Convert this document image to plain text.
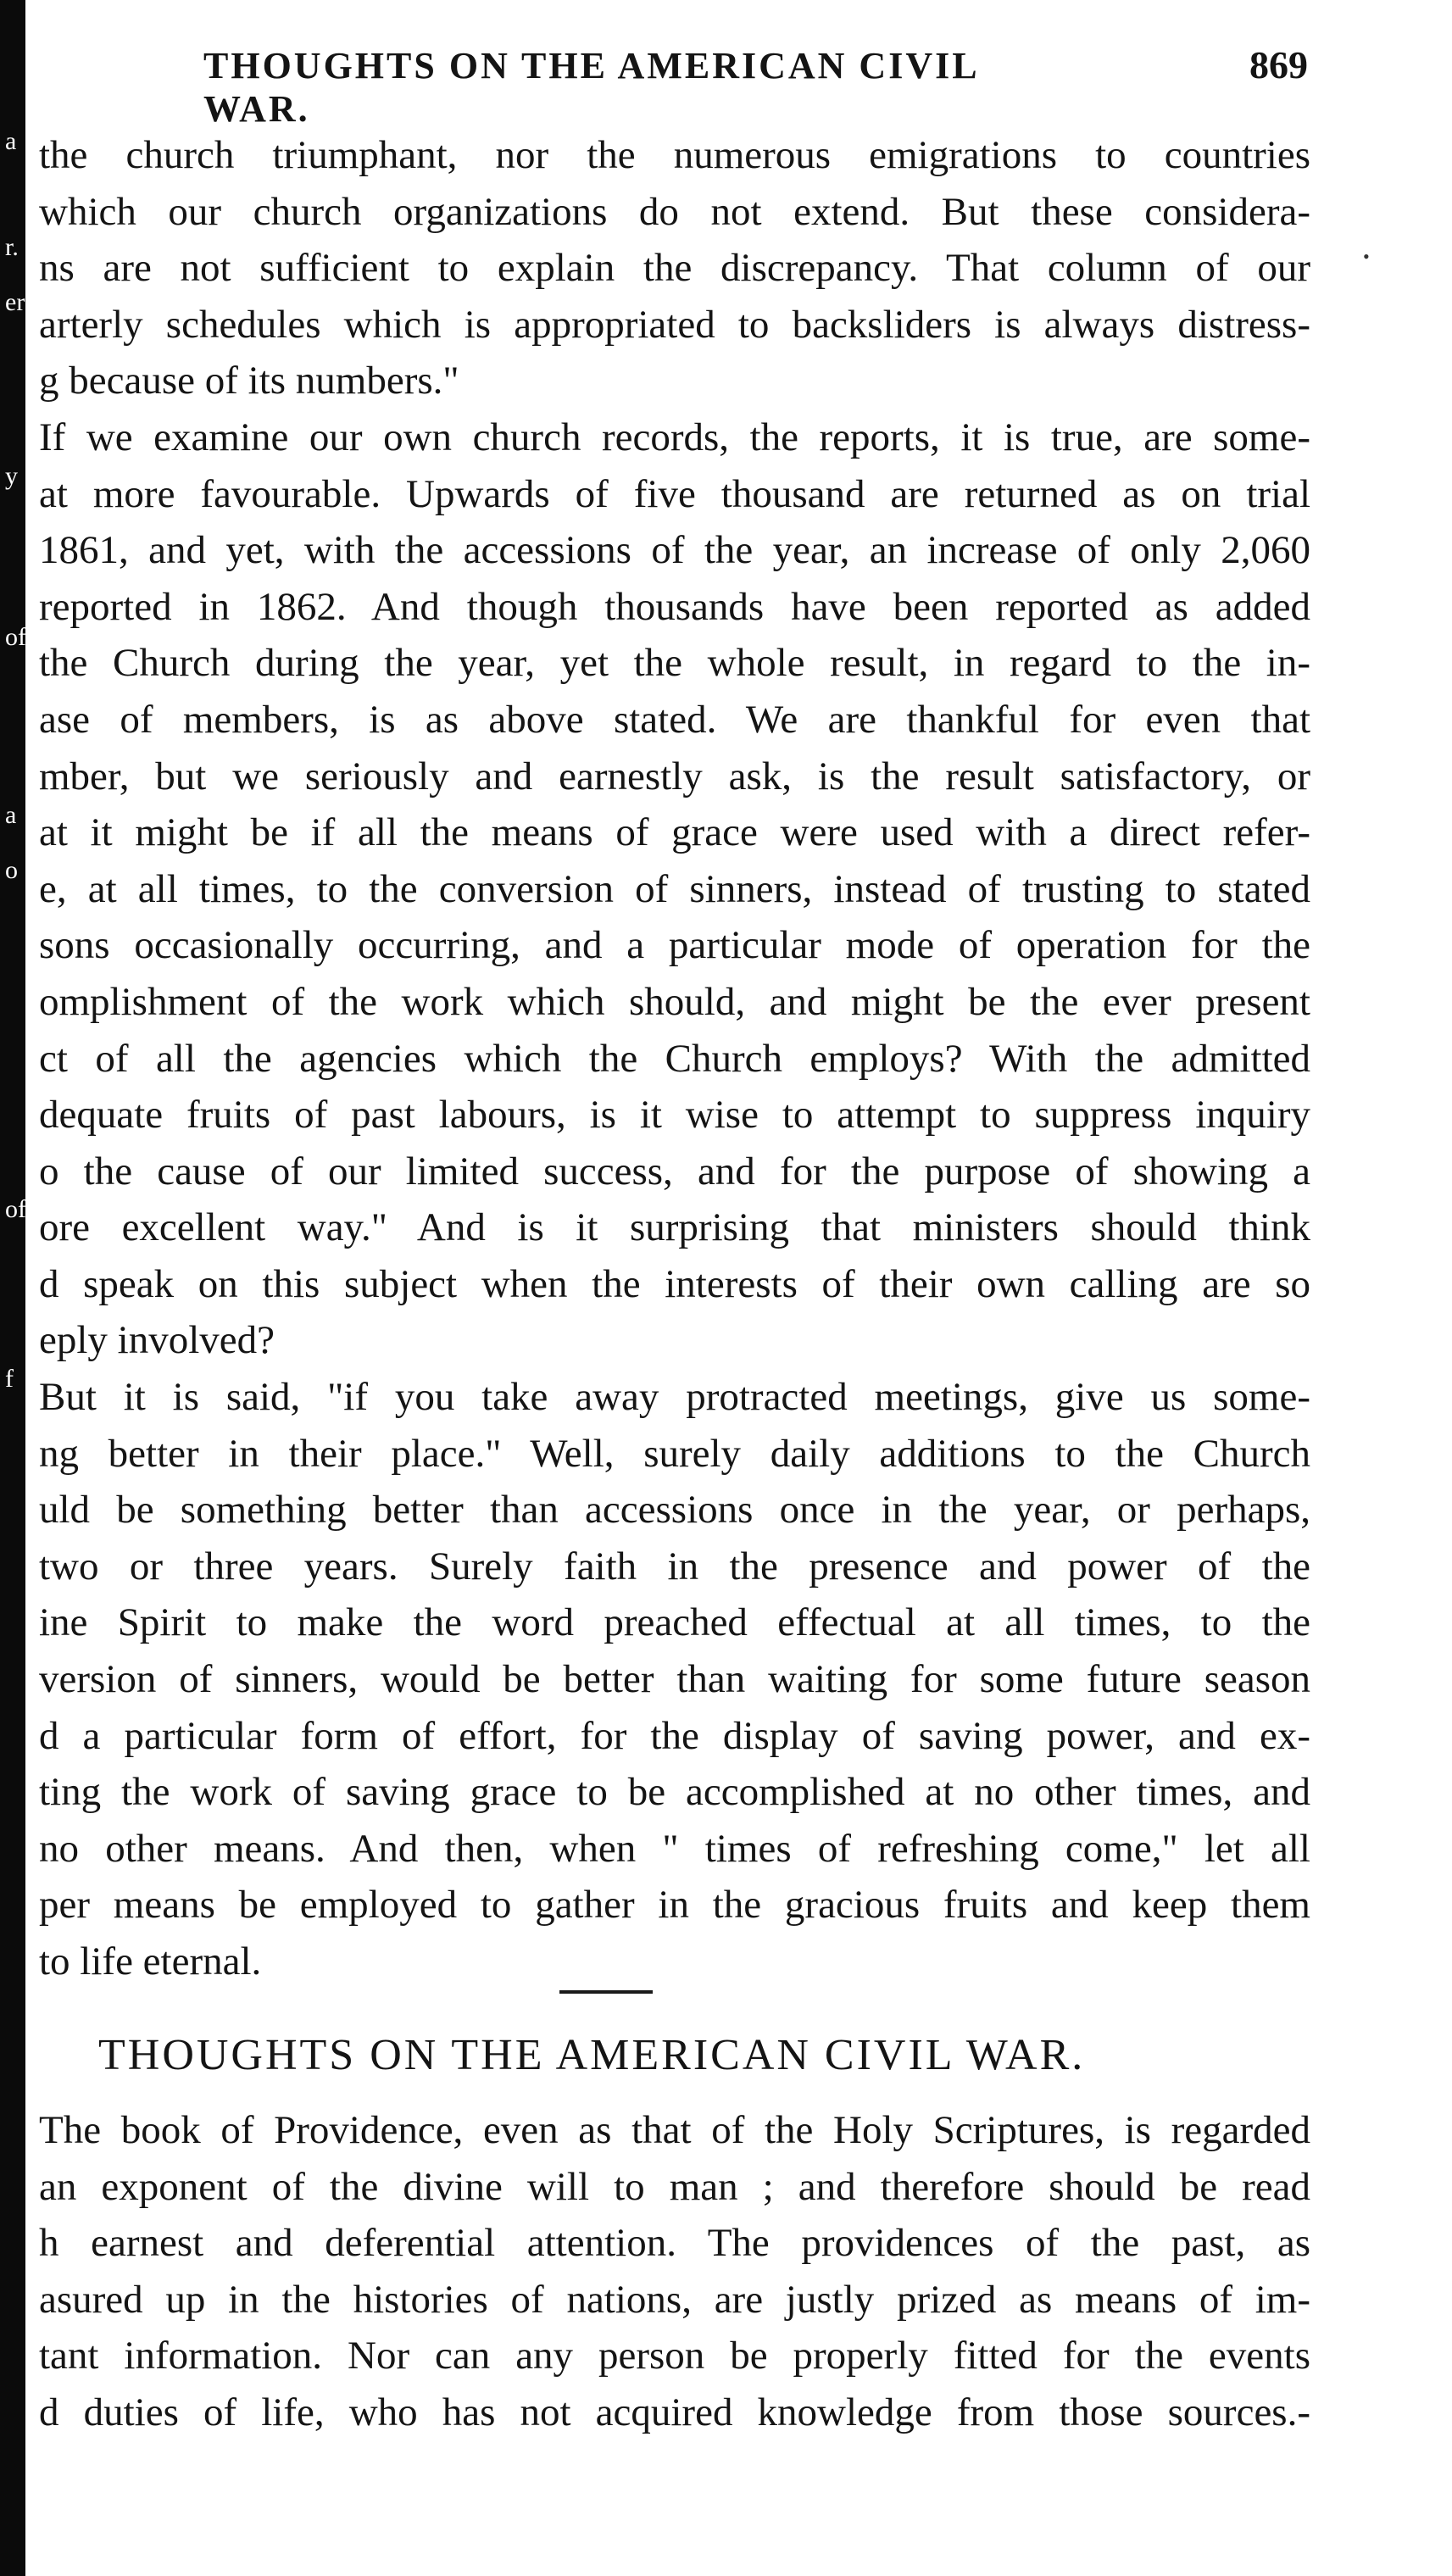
a
r.
er
y
of
a
o
of
f
THOUGHTS ON THE AMERICAN CIVIL WAR.
869
•
the church triumphant, nor the numerous emigrations to countries
which our church organizations do not extend. But these considera-
ns are not sufficient to explain the discrepancy. That column of our
arterly schedules which is appropriated to backsliders is always distress-
g because of its numbers."
If we examine our own church records, the reports, it is true, are some-
at more favourable. Upwards of five thousand are returned as on trial
1861, and yet, with the accessions of the year, an increase of only 2,060
reported in 1862. And though thousands have been reported as added
the Church during the year, yet the whole result, in regard to the in-
ase of members, is as above stated. We are thankful for even that
mber, but we seriously and earnestly ask, is the result satisfactory, or
at it might be if all the means of grace were used with a direct refer-
e, at all times, to the conversion of sinners, instead of trusting to stated
sons occasionally occurring, and a particular mode of operation for the
omplishment of the work which should, and might be the ever present
ct of all the agencies which the Church employs? With the admitted
dequate fruits of past labours, is it wise to attempt to suppress inquiry
o the cause of our limited success, and for the purpose of showing a
ore excellent way." And is it surprising that ministers should think
d speak on this subject when the interests of their own calling are so
eply involved?
But it is said, "if you take away protracted meetings, give us some-
ng better in their place." Well, surely daily additions to the Church
uld be something better than accessions once in the year, or perhaps,
two or three years. Surely faith in the presence and power of the
ine Spirit to make the word preached effectual at all times, to the
version of sinners, would be better than waiting for some future season
d a particular form of effort, for the display of saving power, and ex-
ting the work of saving grace to be accomplished at no other times, and
no other means. And then, when " times of refreshing come," let all
per means be employed to gather in the gracious fruits and keep them
to life eternal.
THOUGHTS ON THE AMERICAN CIVIL WAR.
The book of Providence, even as that of the Holy Scriptures, is regarded
an exponent of the divine will to man ; and therefore should be read
h earnest and deferential attention. The providences of the past, as
asured up in the histories of nations, are justly prized as means of im-
tant information. Nor can any person be properly fitted for the events
d duties of life, who has not acquired knowledge from those sources.-
